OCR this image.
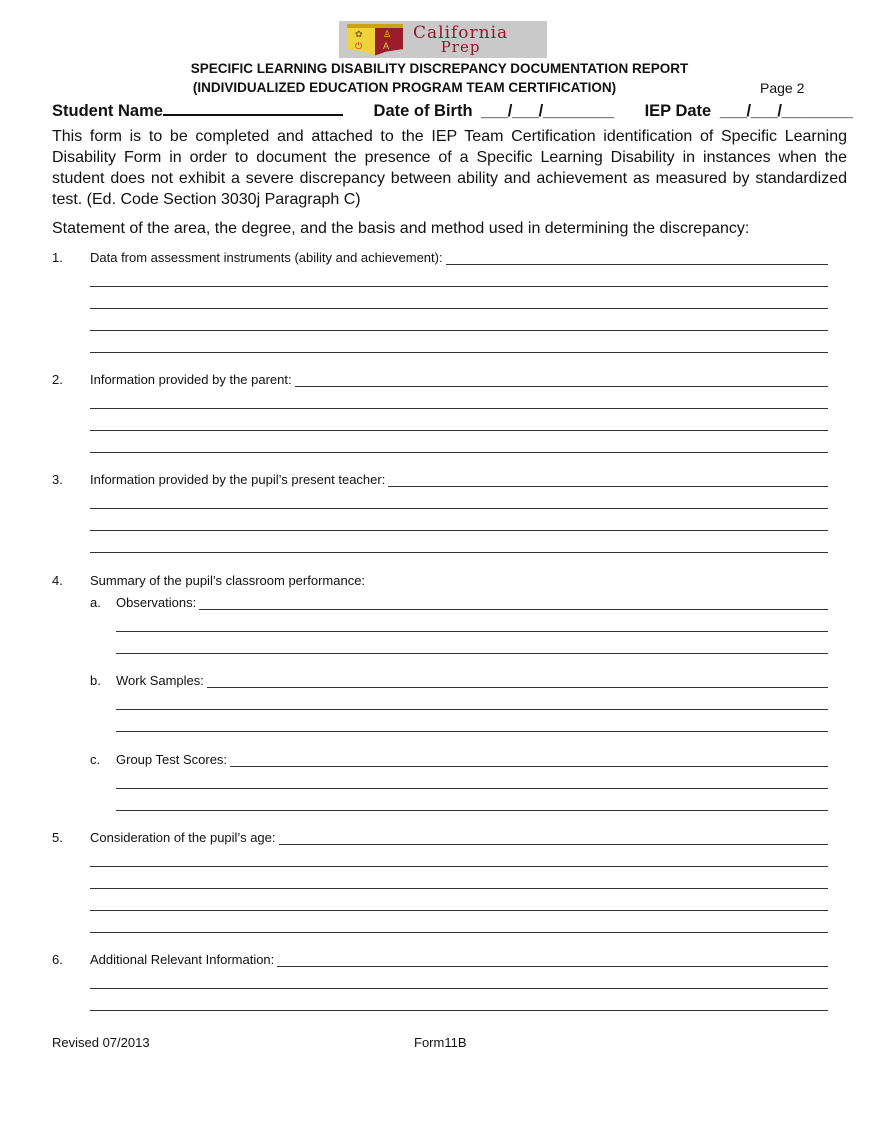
✿
⏻
♙
A
California
Prep
SPECIFIC LEARNING DISABILITY DISCREPANCY DOCUMENTATION REPORT
(INDIVIDUALIZED EDUCATION PROGRAM TEAM CERTIFICATION)	Page 2
Student Name	Date of Birth ___/___/________ IEP Date ___/___/________

This form is to be completed and attached to the IEP Team Certification identification of Specific Learning Disability Form in order to document the presence of a Specific Learning Disability in instances when the student does not exhibit a severe discrepancy between ability and achievement as measured by standardized test. (Ed. Code Section 3030j Paragraph C)

Statement of the area, the degree, and the basis and method used in determining the discrepancy:
1. Data from assessment instruments (ability and achievement):
2. Information provided by the parent:
3. Information provided by the pupil’s present teacher:
4. Summary of the pupil’s classroom performance:
a. Observations:
b. Work Samples:
c. Group Test Scores:
5. Consideration of the pupil’s age:
6. Additional Relevant Information:
Revised 07/2013	Form11B
